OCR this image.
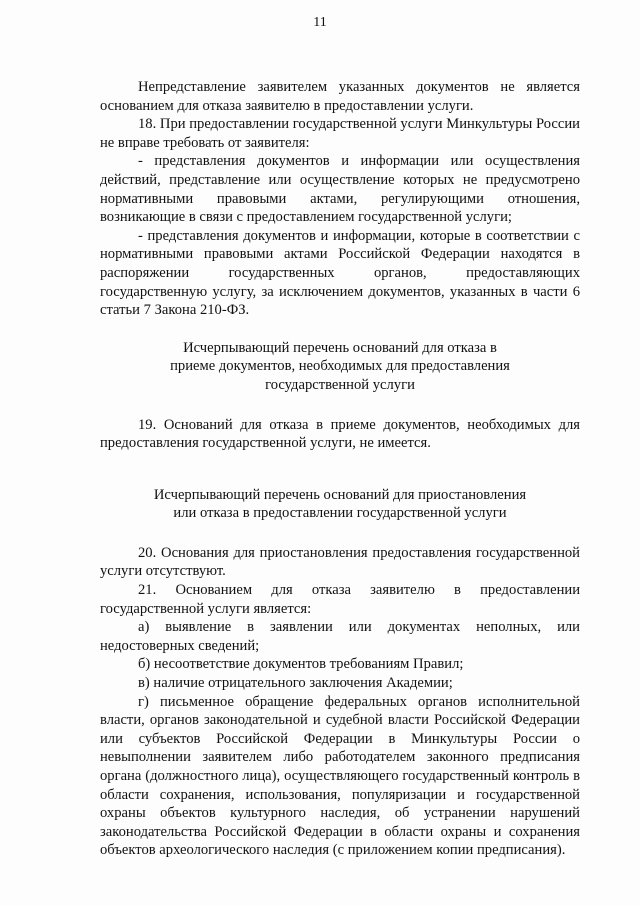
11

Непредставление заявителем указанных документов не является основанием для отказа заявителю в предоставлении услуги.

18. При предоставлении государственной услуги Минкультуры России не вправе требовать от заявителя:

- представления документов и информации или осуществления действий, представление или осуществление которых не предусмотрено нормативными правовыми актами, регулирующими отношения, возникающие в связи с предоставлением государственной услуги;

- представления документов и информации, которые в соответствии с нормативными правовыми актами Российской Федерации находятся в распоряжении государственных органов, предоставляющих государственную услугу, за исключением документов, указанных в части 6 статьи 7 Закона 210-ФЗ.

Исчерпывающий перечень оснований для отказа в приеме документов, необходимых для предоставления государственной услуги

19. Оснований для отказа в приеме документов, необходимых для предоставления государственной услуги, не имеется.

Исчерпывающий перечень оснований для приостановления или отказа в предоставлении государственной услуги

20. Основания для приостановления предоставления государственной услуги отсутствуют.

21. Основанием для отказа заявителю в предоставлении государственной услуги является:

а) выявление в заявлении или документах неполных, или недостоверных сведений;

б) несоответствие документов требованиям Правил;

в) наличие отрицательного заключения Академии;

г) письменное обращение федеральных органов исполнительной власти, органов законодательной и судебной власти Российской Федерации или субъектов Российской Федерации в Минкультуры России о невыполнении заявителем либо работодателем законного предписания органа (должностного лица), осуществляющего государственный контроль в области сохранения, использования, популяризации и государственной охраны объектов культурного наследия, об устранении нарушений законодательства Российской Федерации в области охраны и сохранения объектов археологического наследия (с приложением копии предписания).
